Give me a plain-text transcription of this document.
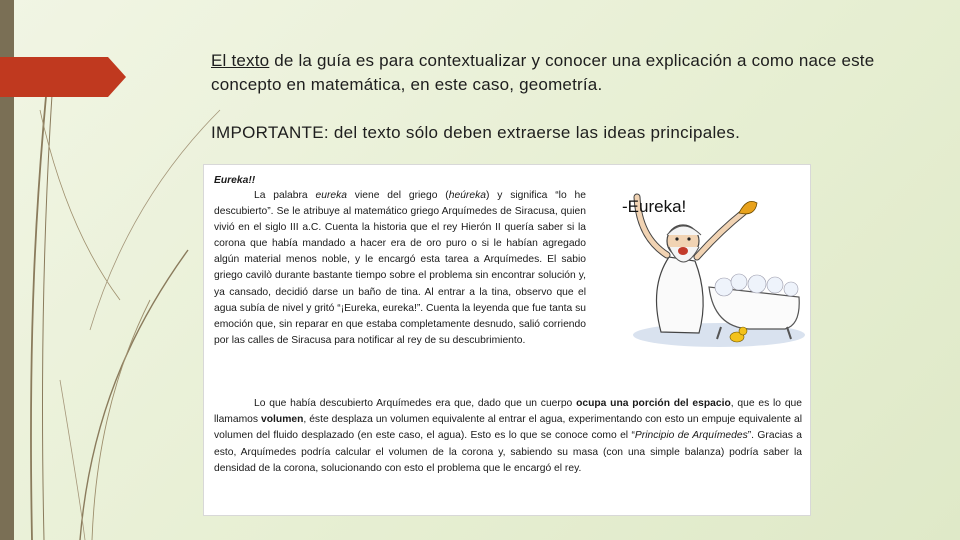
El texto de la guía es para contextualizar y conocer una explicación a como nace este concepto en matemática, en este caso, geometría.
IMPORTANTE: del texto sólo deben extraerse las ideas principales.
Eureka!!
La palabra eureka viene del griego (heúreka) y significa “lo he descubierto”. Se le atribuye al matemático griego Arquímedes de Siracusa, quien vivió en el siglo III a.C. Cuenta la historia que el rey Hierón II quería saber si la corona que había mandado a hacer era de oro puro o si le habían agregado algún material menos noble, y le encargó esta tarea a Arquímedes. El sabio griego cavilò durante bastante tiempo sobre el problema sin encontrar solución y, ya cansado, decidió darse un baño de tina. Al entrar a la tina, observo que el agua subía de nivel y gritó “¡Eureka, eureka!”. Cuenta la leyenda que fue tanta su emoción que, sin reparar en que estaba completamente desnudo, salió corriendo por las calles de Siracusa para notificar al rey de su descubrimiento.
-Eureka!
Lo que había descubierto Arquímedes era que, dado que un cuerpo ocupa una porción del espacio, que es lo que llamamos volumen, éste desplaza un volumen equivalente al entrar el agua, experimentando con esto un empuje equivalente al volumen del fluido desplazado (en este caso, el agua). Esto es lo que se conoce como el “Principio de Arquímedes”. Gracias a esto, Arquímedes podría calcular el volumen de la corona y, sabiendo su masa (con una simple balanza) podría saber la densidad de la corona, solucionando con esto el problema que le encargó el rey.
